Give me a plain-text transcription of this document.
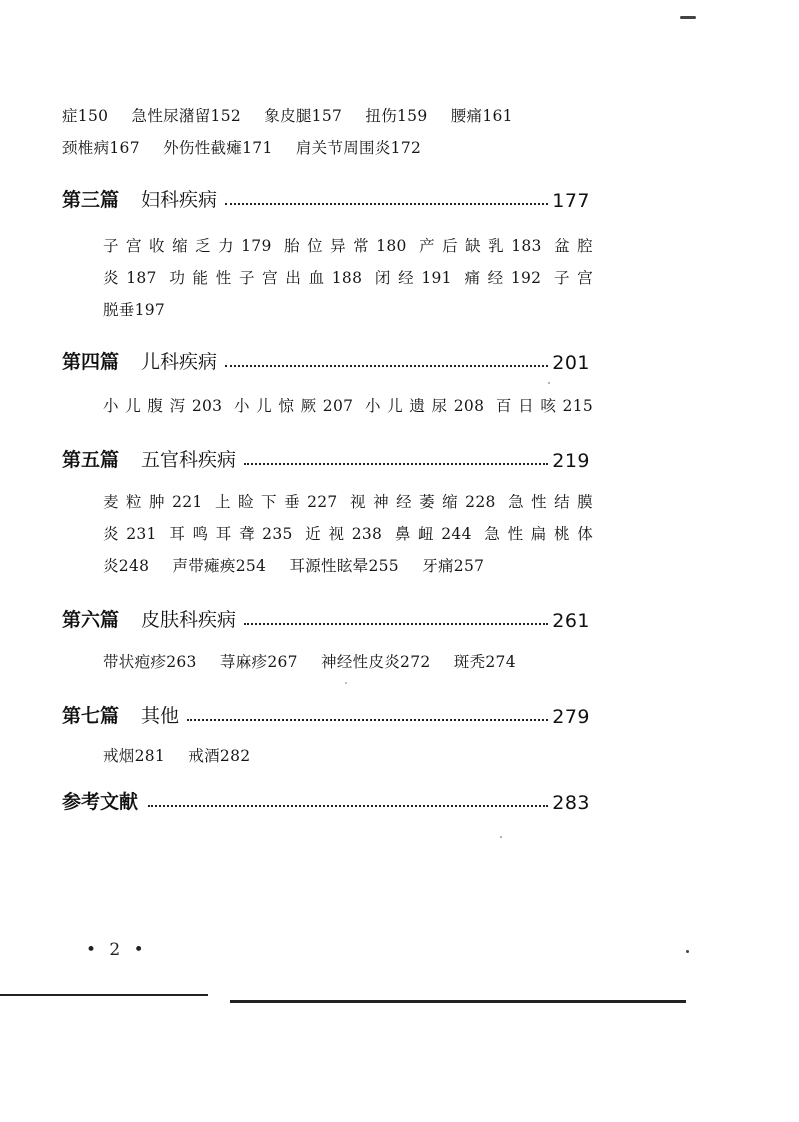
症150 急性尿潴留152 象皮腿157 扭伤159 腰痛161
颈椎病167 外伤性截瘫171 肩关节周围炎172
第三篇 妇科疾病	177
子宫收缩乏力179 胎位异常180 产后缺乳183 盆腔
炎187 功能性子宫出血188 闭经191 痛经192 子宫
脱垂197
第四篇 儿科疾病	201
小儿腹泻203 小儿惊厥207 小儿遗尿208 百日咳215
第五篇 五官科疾病	219
麦粒肿221 上睑下垂227 视神经萎缩228 急性结膜
炎231 耳鸣耳聋235 近视238 鼻衄244 急性扁桃体
炎248 声带瘫痪254 耳源性眩晕255 牙痛257
第六篇 皮肤科疾病	261
带状疱疹263 荨麻疹267 神经性皮炎272 斑秃274
第七篇 其他	279
戒烟281 戒酒282
参考文献	283
• 2 •
